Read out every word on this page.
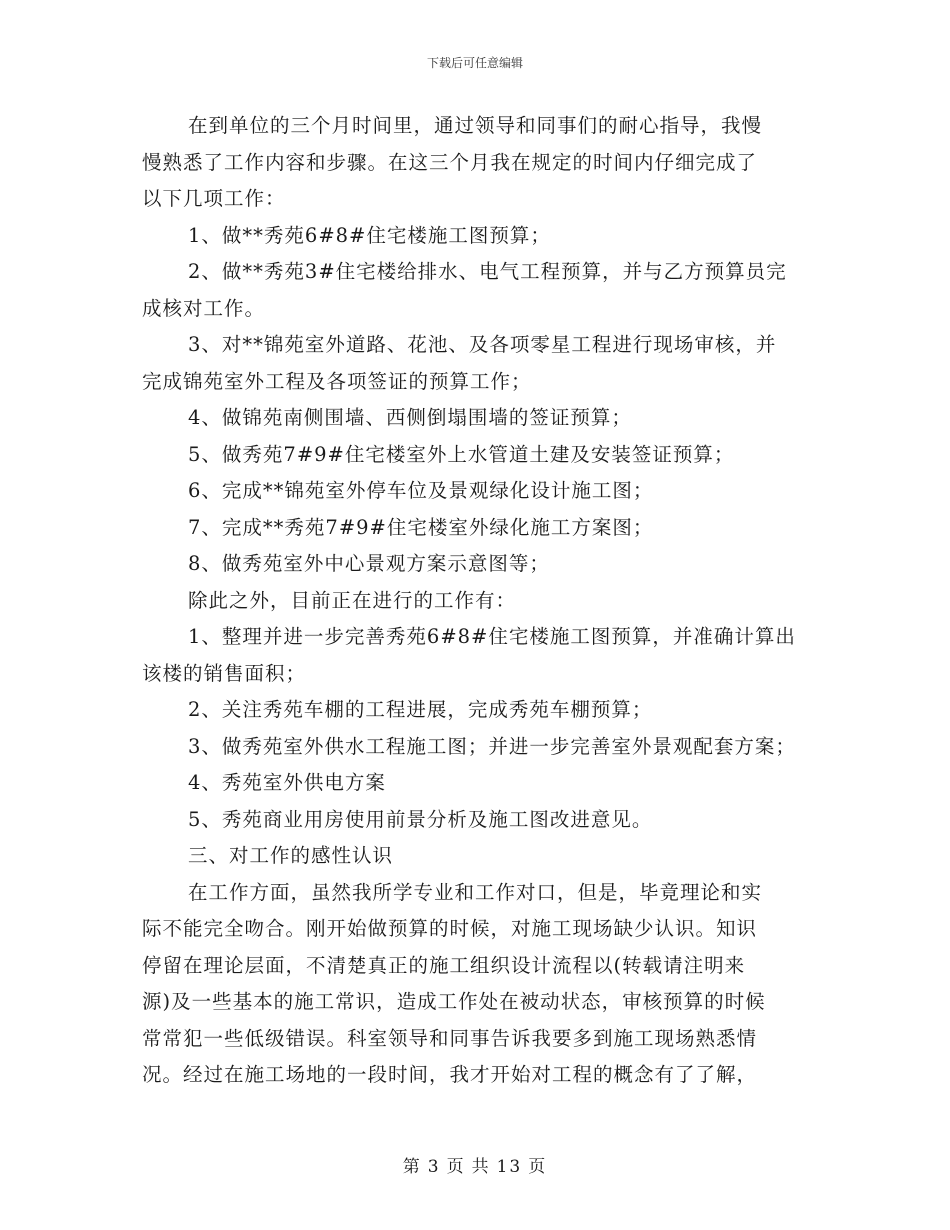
下载后可任意编辑

在到单位的三个月时间里，通过领导和同事们的耐心指导，我慢

慢熟悉了工作内容和步骤。在这三个月我在规定的时间内仔细完成了

以下几项工作：

1、做**秀苑6#8#住宅楼施工图预算；

2、做**秀苑3#住宅楼给排水、电气工程预算，并与乙方预算员完

成核对工作。

3、对**锦苑室外道路、花池、及各项零星工程进行现场审核，并

完成锦苑室外工程及各项签证的预算工作；

4、做锦苑南侧围墙、西侧倒塌围墙的签证预算；

5、做秀苑7#9#住宅楼室外上水管道土建及安装签证预算；

6、完成**锦苑室外停车位及景观绿化设计施工图；

7、完成**秀苑7#9#住宅楼室外绿化施工方案图；

8、做秀苑室外中心景观方案示意图等；

除此之外，目前正在进行的工作有：

1、整理并进一步完善秀苑6#8#住宅楼施工图预算，并准确计算出

该楼的销售面积；

2、关注秀苑车棚的工程进展，完成秀苑车棚预算；

3、做秀苑室外供水工程施工图；并进一步完善室外景观配套方案；

4、秀苑室外供电方案

5、秀苑商业用房使用前景分析及施工图改进意见。

三、对工作的感性认识

在工作方面，虽然我所学专业和工作对口，但是，毕竟理论和实

际不能完全吻合。刚开始做预算的时候，对施工现场缺少认识。知识

停留在理论层面，不清楚真正的施工组织设计流程以(转载请注明来

源)及一些基本的施工常识，造成工作处在被动状态，审核预算的时候

常常犯一些低级错误。科室领导和同事告诉我要多到施工现场熟悉情

况。经过在施工场地的一段时间，我才开始对工程的概念有了了解，

第 3 页 共 13 页
